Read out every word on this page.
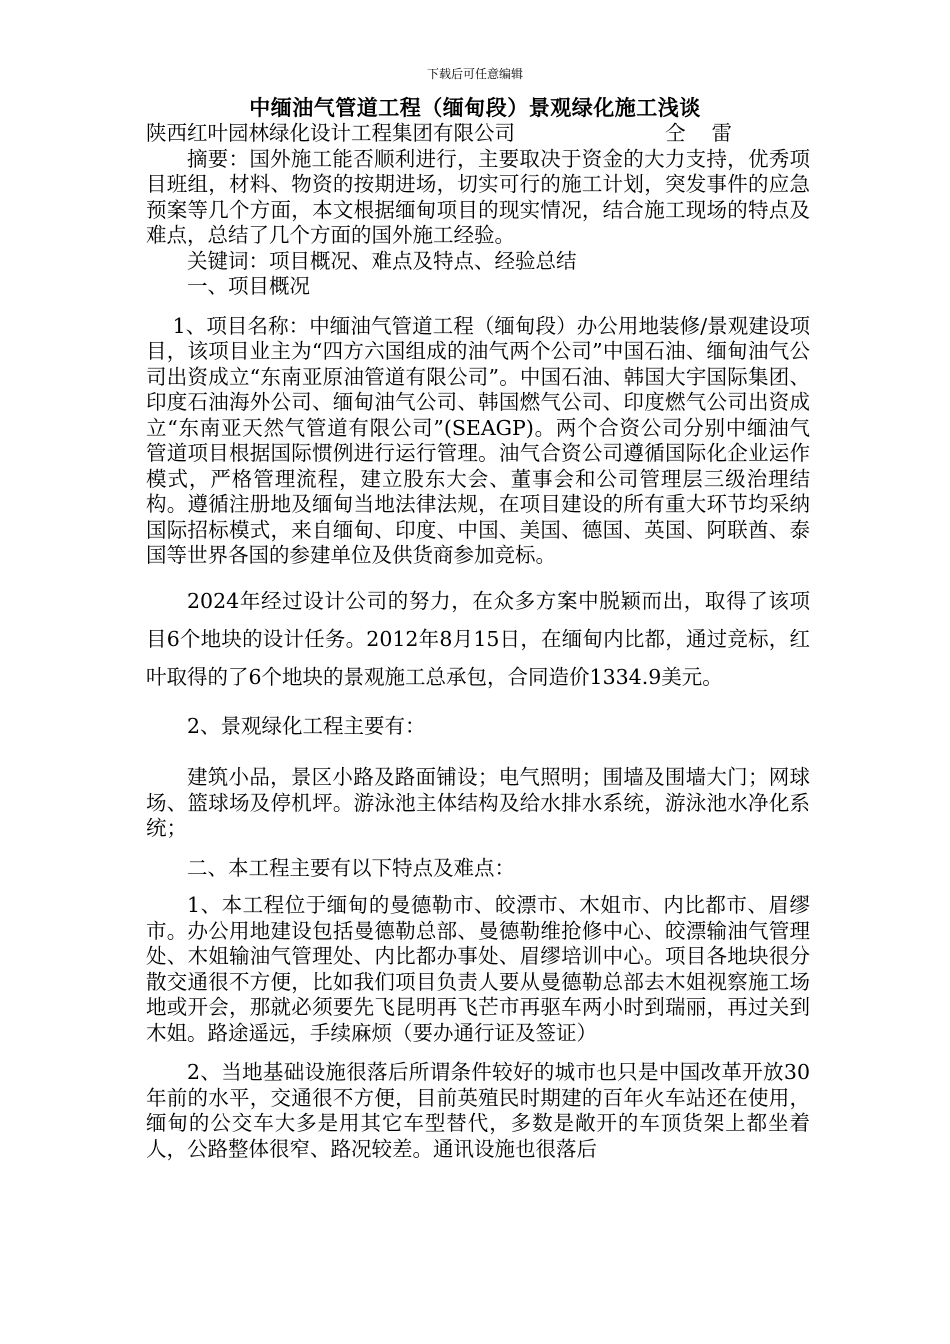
下载后可任意编辑
中缅油气管道工程（缅甸段）景观绿化施工浅谈

陕西红叶园林绿化设计工程集团有限公司	仝雷

摘要：国外施工能否顺利进行，主要取决于资金的大力支持，优秀项目班组，材料、物资的按期进场，切实可行的施工计划，突发事件的应急预案等几个方面，本文根据缅甸项目的现实情况，结合施工现场的特点及难点，总结了几个方面的国外施工经验。

关键词：项目概况、难点及特点、经验总结

一、项目概况

1、项目名称：中缅油气管道工程（缅甸段）办公用地装修/景观建设项目，该项目业主为“四方六国组成的油气两个公司”中国石油、缅甸油气公司出资成立“东南亚原油管道有限公司”。中国石油、韩国大宇国际集团、印度石油海外公司、缅甸油气公司、韩国燃气公司、印度燃气公司出资成立“东南亚天然气管道有限公司”(SEAGP)。两个合资公司分别中缅油气管道项目根据国际惯例进行运行管理。油气合资公司遵循国际化企业运作模式，严格管理流程，建立股东大会、董事会和公司管理层三级治理结构。遵循注册地及缅甸当地法律法规，在项目建设的所有重大环节均采纳国际招标模式，来自缅甸、印度、中国、美国、德国、英国、阿联酋、泰国等世界各国的参建单位及供货商参加竞标。

2024年经过设计公司的努力，在众多方案中脱颖而出，取得了该项目6个地块的设计任务。2012年8月15日，在缅甸内比都，通过竞标，红叶取得的了6个地块的景观施工总承包，合同造价1334.9美元。

2、景观绿化工程主要有：

建筑小品，景区小路及路面铺设；电气照明；围墙及围墙大门；网球场、篮球场及停机坪。游泳池主体结构及给水排水系统，游泳池水净化系统；

二、本工程主要有以下特点及难点：

1、本工程位于缅甸的曼德勒市、皎漂市、木姐市、内比都市、眉缪市。办公用地建设包括曼德勒总部、曼德勒维抢修中心、皎漂输油气管理处、木姐输油气管理处、内比都办事处、眉缪培训中心。项目各地块很分散交通很不方便，比如我们项目负责人要从曼德勒总部去木姐视察施工场地或开会，那就必须要先飞昆明再飞芒市再驱车两小时到瑞丽，再过关到木姐。路途遥远，手续麻烦（要办通行证及签证）

2、当地基础设施很落后所谓条件较好的城市也只是中国改革开放30年前的水平，交通很不方便，目前英殖民时期建的百年火车站还在使用，缅甸的公交车大多是用其它车型替代，多数是敞开的车顶货架上都坐着人，公路整体很窄、路况较差。通讯设施也很落后
